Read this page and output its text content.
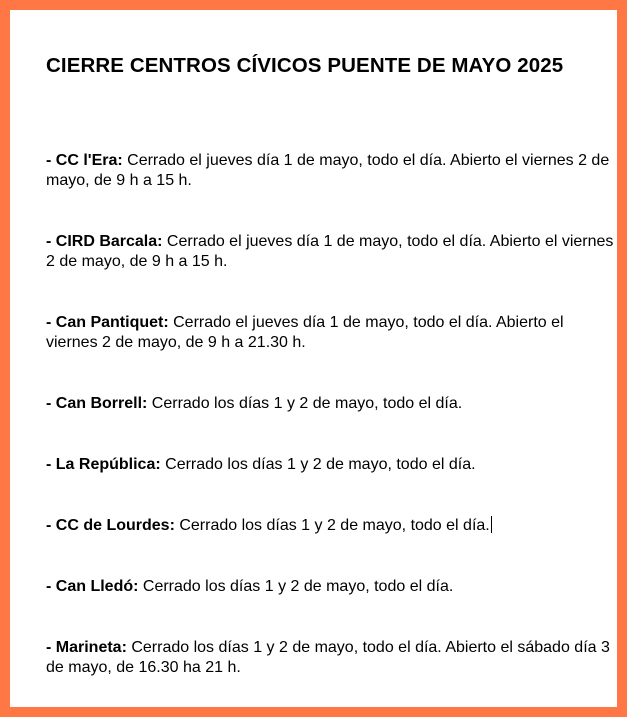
CIERRE CENTROS CÍVICOS PUENTE DE MAYO 2025

- CC l'Era: Cerrado el jueves día 1 de mayo, todo el día. Abierto el viernes 2 de mayo, de 9 h a 15 h.

- CIRD Barcala: Cerrado el jueves día 1 de mayo, todo el día. Abierto el viernes 2 de mayo, de 9 h a 15 h.

- Can Pantiquet: Cerrado el jueves día 1 de mayo, todo el día. Abierto el viernes 2 de mayo, de 9 h a 21.30 h.

- Can Borrell: Cerrado los días 1 y 2 de mayo, todo el día.

- La República: Cerrado los días 1 y 2 de mayo, todo el día.

- CC de Lourdes: Cerrado los días 1 y 2 de mayo, todo el día.

- Can Lledó: Cerrado los días 1 y 2 de mayo, todo el día.

- Marineta: Cerrado los días 1 y 2 de mayo, todo el día. Abierto el sábado día 3 de mayo, de 16.30 ha 21 h.
